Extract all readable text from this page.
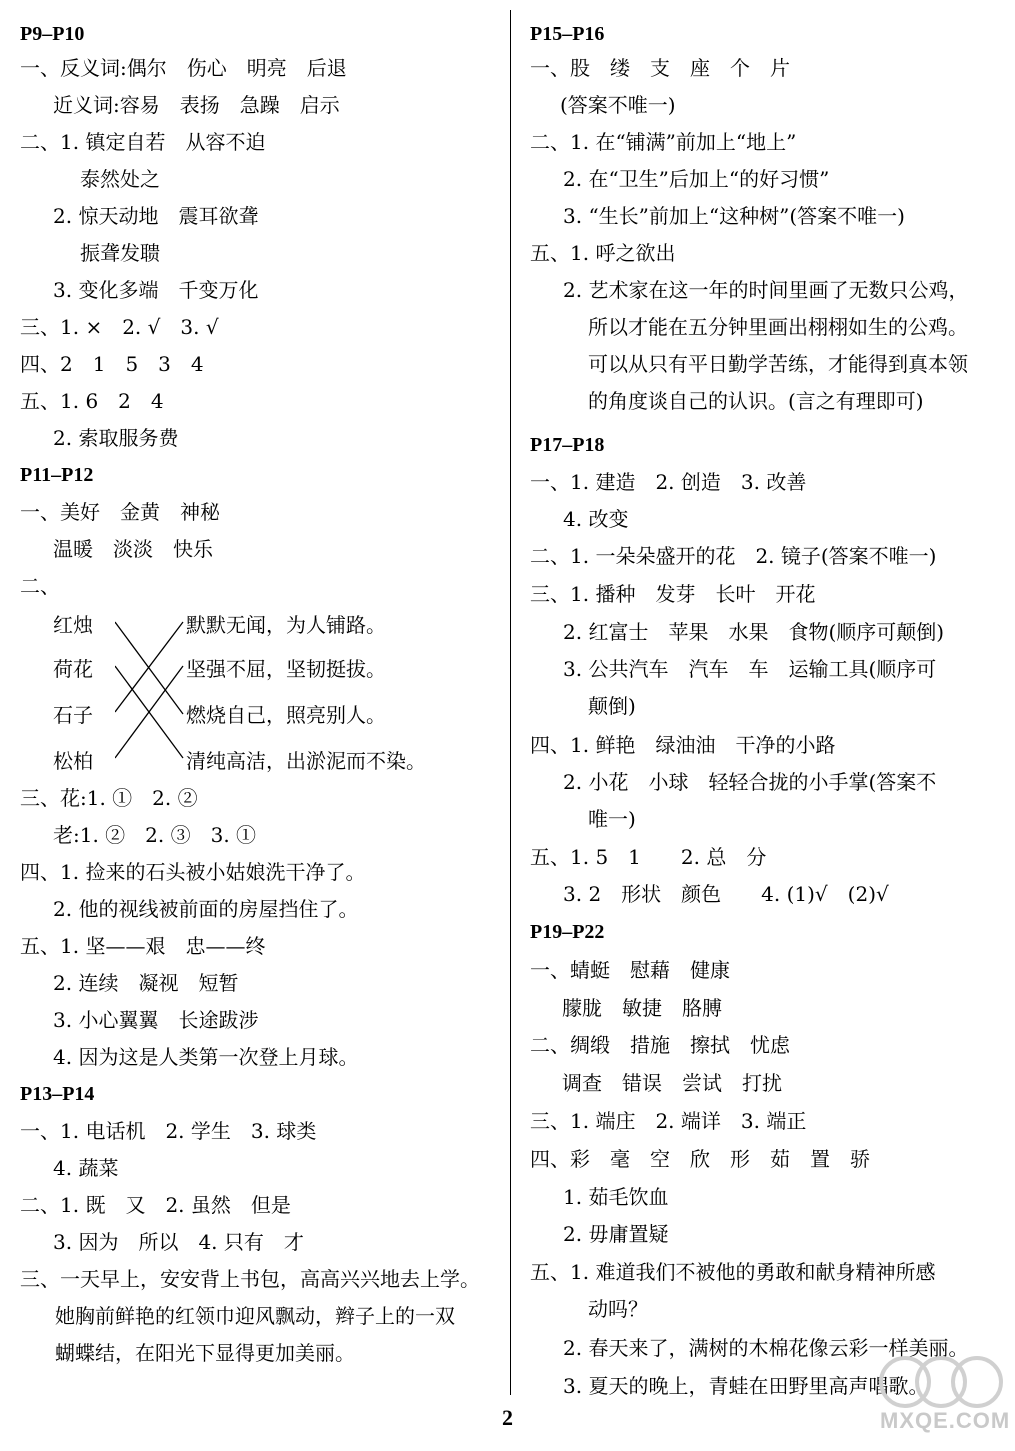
P9–P10
一、反义词:偶尔　伤心　明亮　后退
近义词:容易　表扬　急躁　启示
二、1. 镇定自若　从容不迫
泰然处之
2. 惊天动地　震耳欲聋
振聋发聩
3. 变化多端　千变万化
三、1. ×　2. √　3. √
四、2　1　5　3　4
五、1. 6　2　4
2. 索取服务费
P11–P12
一、美好　金黄　神秘
温暖　淡淡　快乐
二、
红烛
荷花
石子
松柏
默默无闻，为人铺路。
坚强不屈，坚韧挺拔。
燃烧自己，照亮别人。
清纯高洁，出淤泥而不染。
三、花:1. ①　2. ②
老:1. ②　2. ③　3. ①
四、1. 捡来的石头被小姑娘洗干净了。
2. 他的视线被前面的房屋挡住了。
五、1. 坚——艰　忠——终
2. 连续　凝视　短暂
3. 小心翼翼　长途跋涉
4. 因为这是人类第一次登上月球。
P13–P14
一、1. 电话机　2. 学生　3. 球类
4. 蔬菜
二、1. 既　又　2. 虽然　但是
3. 因为　所以　4. 只有　才
三、一天早上，安安背上书包，高高兴兴地去上学。
她胸前鲜艳的红领巾迎风飘动，辫子上的一双
蝴蝶结，在阳光下显得更加美丽。
P15–P16
一、股　缕　支　座　个　片
(答案不唯一)
二、1. 在“铺满”前加上“地上”
2. 在“卫生”后加上“的好习惯”
3. “生长”前加上“这种树”(答案不唯一)
五、1. 呼之欲出
2. 艺术家在这一年的时间里画了无数只公鸡，
所以才能在五分钟里画出栩栩如生的公鸡。
可以从只有平日勤学苦练，才能得到真本领
的角度谈自己的认识。(言之有理即可)
P17–P18
一、1. 建造　2. 创造　3. 改善
4. 改变
二、1. 一朵朵盛开的花　2. 镜子(答案不唯一)
三、1. 播种　发芽　长叶　开花
2. 红富士　苹果　水果　食物(顺序可颠倒)
3. 公共汽车　汽车　车　运输工具(顺序可
颠倒)
四、1. 鲜艳　绿油油　干净的小路
2. 小花　小球　轻轻合拢的小手掌(答案不
唯一)
五、1. 5　1　　2. 总　分
3. 2　形状　颜色　　4. (1)√　(2)√
P19–P22
一、蜻蜓　慰藉　健康
朦胧　敏捷　胳膊
二、绸缎　措施　擦拭　忧虑
调查　错误　尝试　打扰
三、1. 端庄　2. 端详　3. 端正
四、彩　毫　空　欣　形　茹　置　骄
1. 茹毛饮血
2. 毋庸置疑
五、1. 难道我们不被他的勇敢和献身精神所感
动吗？
2. 春天来了，满树的木棉花像云彩一样美丽。
3. 夏天的晚上，青蛙在田野里高声唱歌。
MXQE.COM
2
